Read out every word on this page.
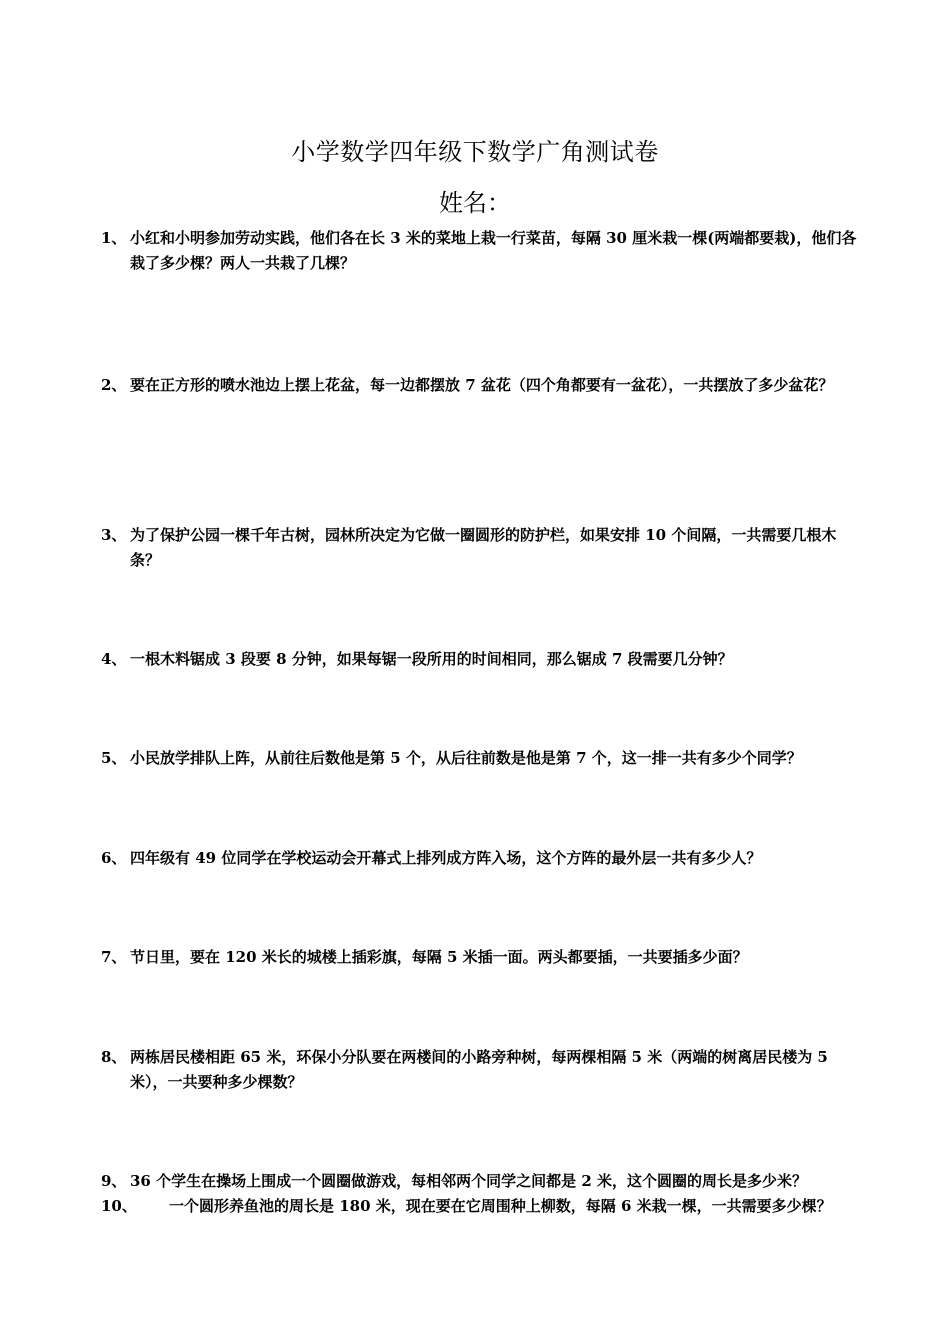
小学数学四年级下数学广角测试卷
姓名：
1、 小红和小明参加劳动实践，他们各在长 3 米的菜地上栽一行菜苗，每隔 30 厘米栽一棵(两端都要栽)，他们各栽了多少棵？两人一共栽了几棵？
2、 要在正方形的喷水池边上摆上花盆，每一边都摆放 7 盆花（四个角都要有一盆花），一共摆放了多少盆花？
3、 为了保护公园一棵千年古树，园林所决定为它做一圈圆形的防护栏，如果安排 10 个间隔，一共需要几根木条？
4、 一根木料锯成 3 段要 8 分钟，如果每锯一段所用的时间相同，那么锯成 7 段需要几分钟？
5、 小民放学排队上阵，从前往后数他是第 5 个，从后往前数是他是第 7 个，这一排一共有多少个同学？
6、 四年级有 49 位同学在学校运动会开幕式上排列成方阵入场，这个方阵的最外层一共有多少人？
7、 节日里，要在 120 米长的城楼上插彩旗，每隔 5 米插一面。两头都要插，一共要插多少面？
8、 两栋居民楼相距 65 米，环保小分队要在两楼间的小路旁种树，每两棵相隔 5 米（两端的树离居民楼为 5 米），一共要种多少棵数？
9、 36 个学生在操场上围成一个圆圈做游戏，每相邻两个同学之间都是 2 米，这个圆圈的周长是多少米？
10、 一个圆形养鱼池的周长是 180 米，现在要在它周围种上柳数，每隔 6 米栽一棵，一共需要多少棵？
